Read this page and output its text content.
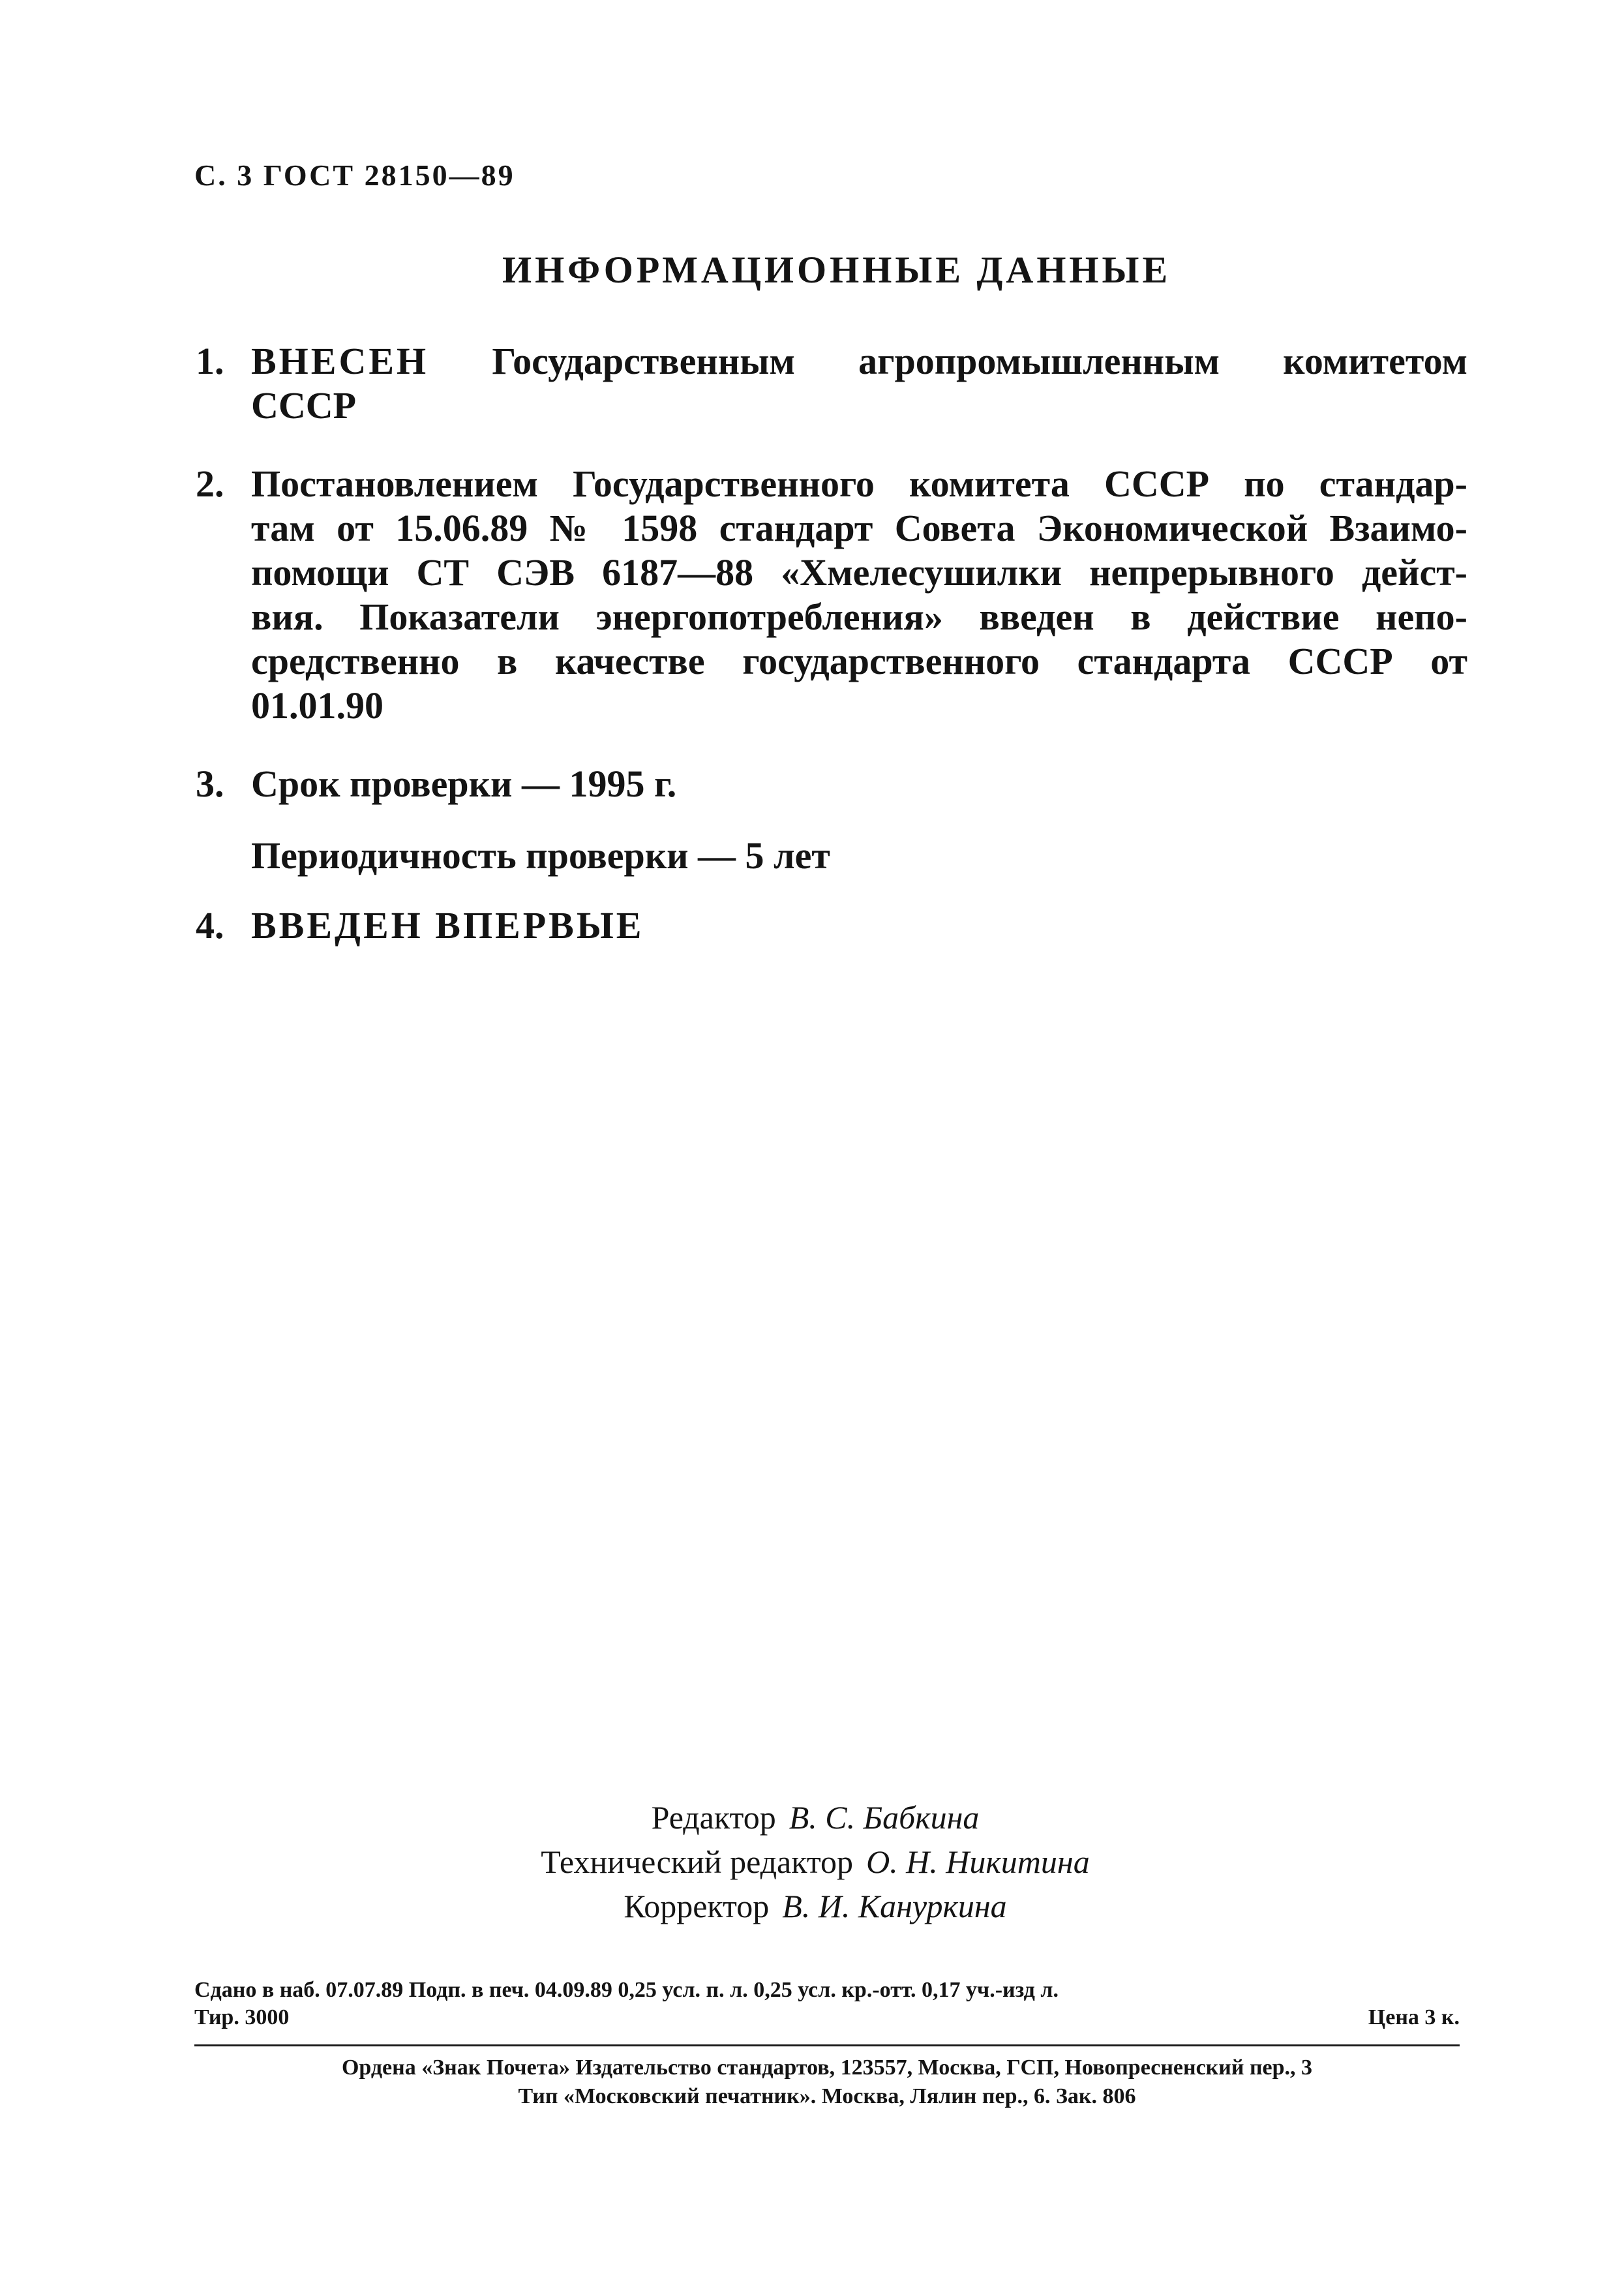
С. 3 ГОСТ 28150—89
ИНФОРМАЦИОННЫЕ ДАННЫЕ
1. ВНЕСЕН Государственным агропромышленным комитетом
СССР
2. Постановлением Государственного комитета СССР по стандар-
там от 15.06.89 № 1598 стандарт Совета Экономической Взаимо-
помощи СТ СЭВ 6187—88 «Хмелесушилки непрерывного дейст-
вия. Показатели энергопотребления» введен в действие непо-
средственно в качестве государственного стандарта СССР от
01.01.90
3. Срок проверки — 1995 г.
Периодичность проверки — 5 лет
4. ВВЕДЕН ВПЕРВЫЕ
Редактор В. С. Бабкина
Технический редактор О. Н. Никитина
Корректор В. И. Кануркина
Сдано в наб. 07.07.89 Подп. в печ. 04.09.89 0,25 усл. п. л. 0,25 усл. кр.-отт. 0,17 уч.-изд л.
Тир. 3000	Цена 3 к.
Ордена «Знак Почета» Издательство стандартов, 123557, Москва, ГСП, Новопресненский пер., 3
Тип «Московский печатник». Москва, Лялин пер., 6. Зак. 806
